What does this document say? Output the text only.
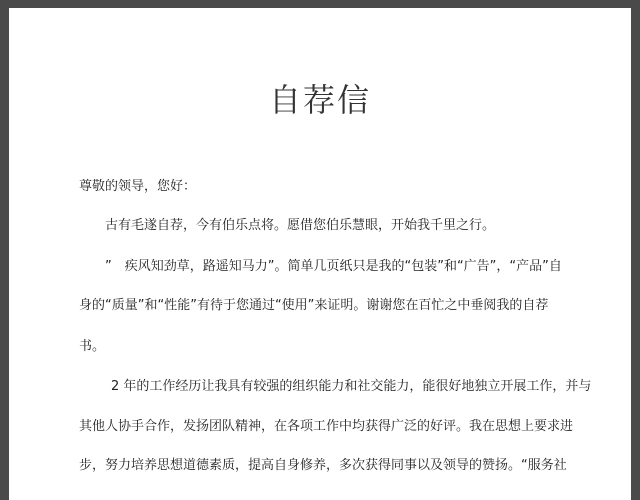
自荐信
尊敬的领导，您好：
古有毛遂自荐，今有伯乐点将。愿借您伯乐慧眼，开始我千里之行。
”　疾风知劲草，路遥知马力”。简单几页纸只是我的“包装”和“广告”，“产品”自
身的“质量”和“性能”有待于您通过“使用”来证明。谢谢您在百忙之中垂阅我的自荐
书。
2 年的工作经历让我具有较强的组织能力和社交能力，能很好地独立开展工作，并与
其他人协手合作，发扬团队精神，在各项工作中均获得广泛的好评。我在思想上要求进
步，努力培养思想道德素质，提高自身修养，多次获得同事以及领导的赞扬。“服务社
